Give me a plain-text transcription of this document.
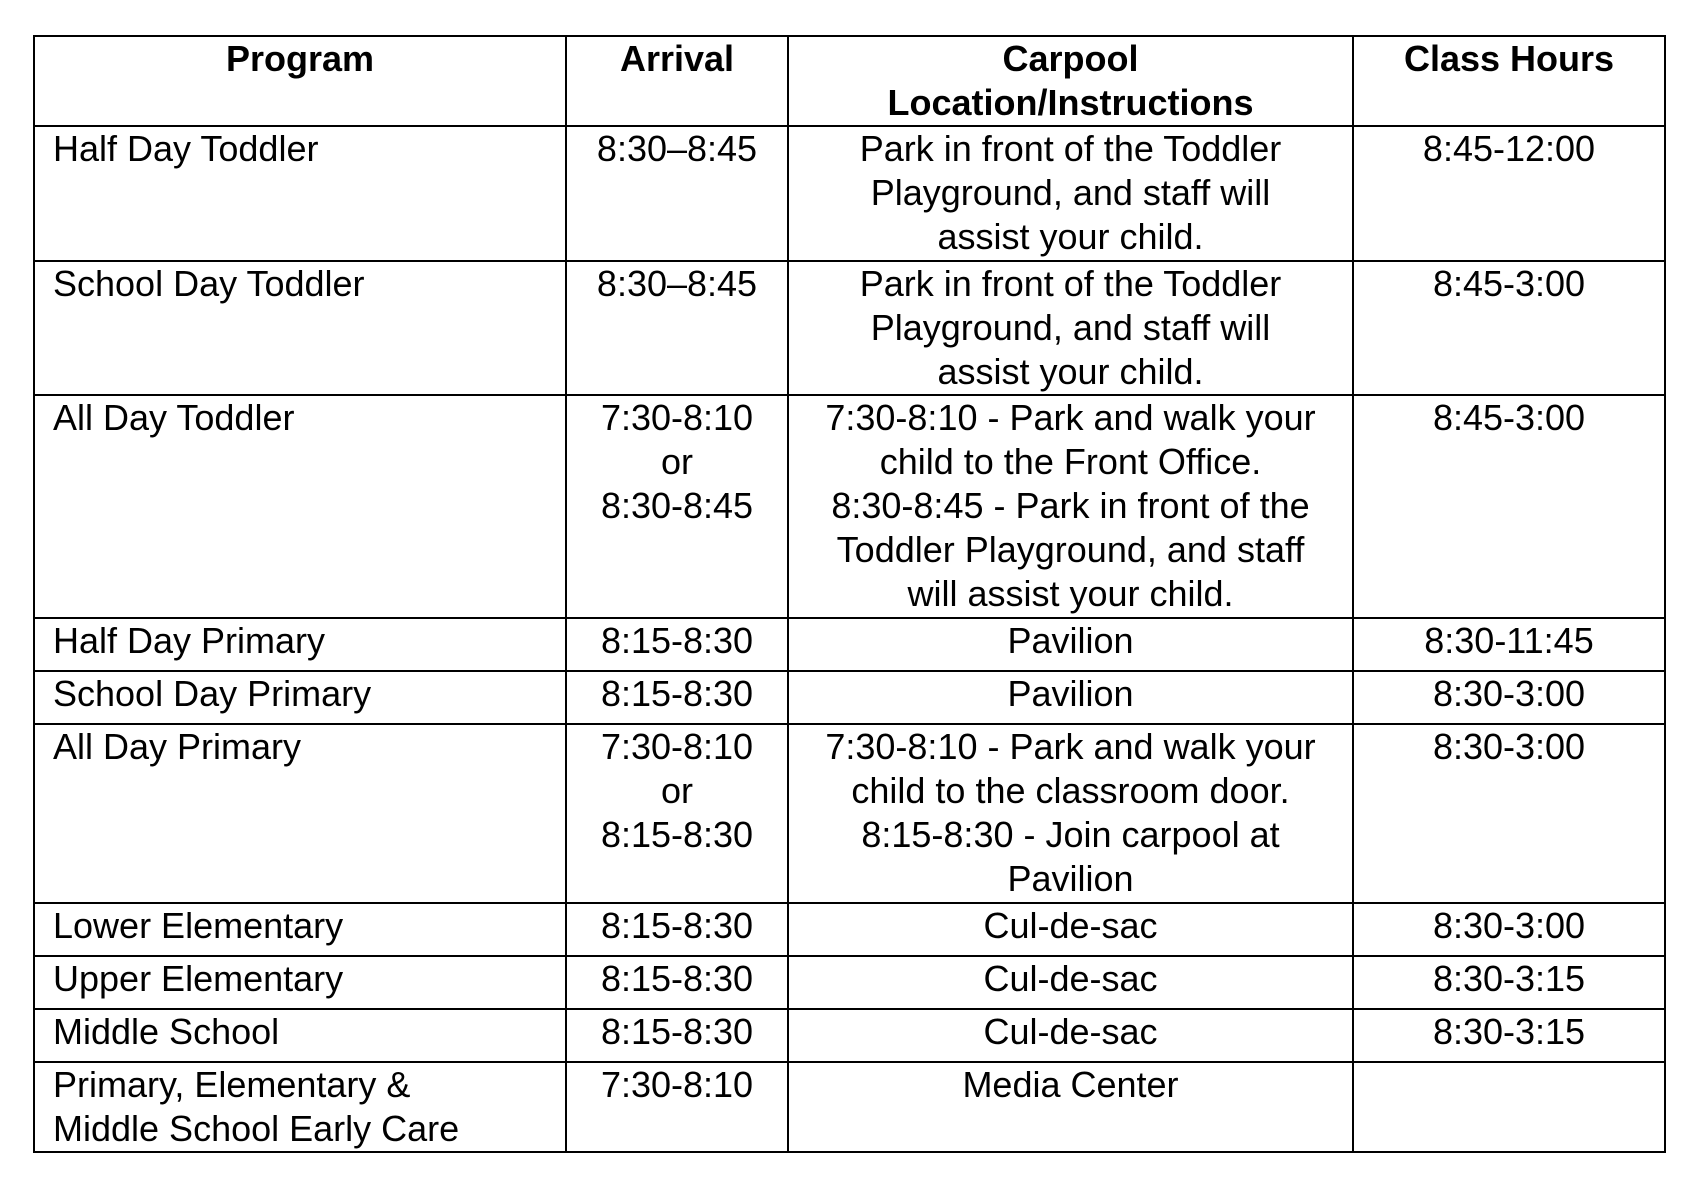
Program	Arrival	Carpool
Location/Instructions	Class Hours

Half Day Toddler	8:30–8:45	Park in front of the Toddler
Playground, and staff will
assist your child.	8:45-12:00

School Day Toddler	8:30–8:45	Park in front of the Toddler
Playground, and staff will
assist your child.	8:45-3:00

All Day Toddler	7:30-8:10
or
8:30-8:45	7:30-8:10 - Park and walk your
child to the Front Office.
8:30-8:45 - Park in front of the
Toddler Playground, and staff
will assist your child.	8:45-3:00

Half Day Primary	8:15-8:30	Pavilion	8:30-11:45

School Day Primary	8:15-8:30	Pavilion	8:30-3:00

All Day Primary	7:30-8:10
or
8:15-8:30	7:30-8:10 - Park and walk your
child to the classroom door.
8:15-8:30 - Join carpool at
Pavilion	8:30-3:00

Lower Elementary	8:15-8:30	Cul-de-sac	8:30-3:00

Upper Elementary	8:15-8:30	Cul-de-sac	8:30-3:15

Middle School	8:15-8:30	Cul-de-sac	8:30-3:15

Primary, Elementary &
Middle School Early Care	7:30-8:10	Media Center	
